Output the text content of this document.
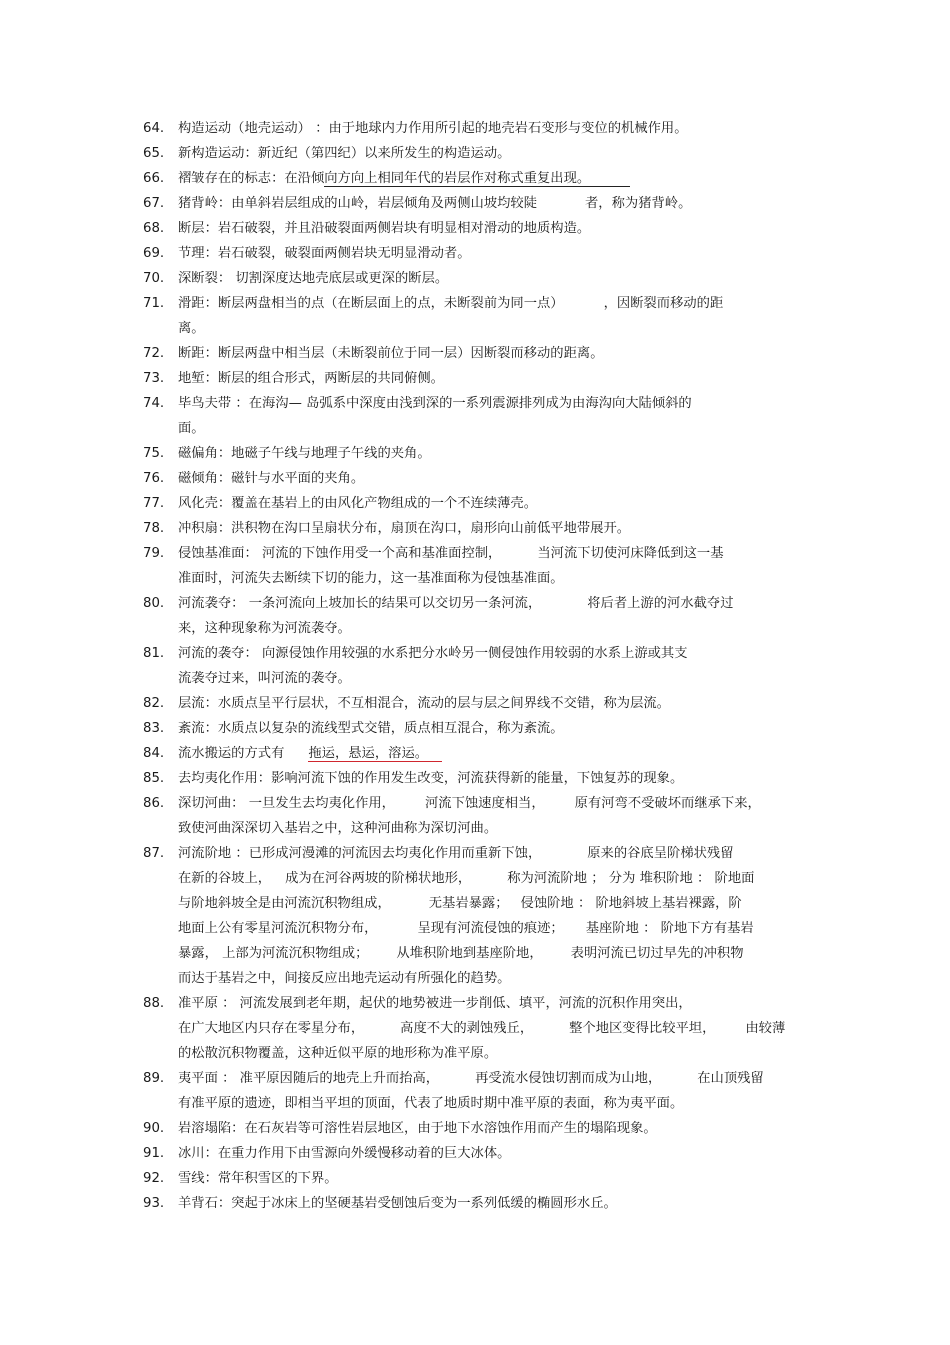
64.	构造运动（地壳运动） ：由于地球内力作用所引起的地壳岩石变形与变位的机械作用。
65.	新构造运动：新近纪（第四纪）以来所发生的构造运动。
66.	褶皱存在的标志：在沿倾向方向上相同年代的岩层作对称式重复出现。
67.	猪背岭：由单斜岩层组成的山岭，岩层倾角及两侧山坡均较陡	者，称为猪背岭。
68.	断层：岩石破裂，并且沿破裂面两侧岩块有明显相对滑动的地质构造。
69.	节理：岩石破裂，破裂面两侧岩块无明显滑动者。
70.	深断裂： 切割深度达地壳底层或更深的断层。
71.	滑距：断层两盘相当的点（在断层面上的点，未断裂前为同一点）	，因断裂而移动的距
离。
72.	断距：断层两盘中相当层（未断裂前位于同一层）因断裂而移动的距离。
73.	地堑：断层的组合形式，两断层的共同俯侧。
74.	毕鸟夫带 ：在海沟— 岛弧系中深度由浅到深的一系列震源排列成为由海沟向大陆倾斜的
面。
75.	磁偏角：地磁子午线与地理子午线的夹角。
76.	磁倾角：磁针与水平面的夹角。
77.	风化壳：覆盖在基岩上的由风化产物组成的一个不连续薄壳。
78.	冲积扇：洪积物在沟口呈扇状分布，扇顶在沟口，扇形向山前低平地带展开。
79.	侵蚀基准面： 河流的下蚀作用受一个高和基准面控制，	当河流下切使河床降低到这一基
准面时，河流失去断续下切的能力，这一基准面称为侵蚀基准面。
80.	河流袭夺： 一条河流向上坡加长的结果可以交切另一条河流，	将后者上游的河水截夺过
来，这种现象称为河流袭夺。
81.	河流的袭夺： 向源侵蚀作用较强的水系把分水岭另一侧侵蚀作用较弱的水系上游或其支
流袭夺过来，叫河流的袭夺。
82.	层流：水质点呈平行层状，不互相混合，流动的层与层之间界线不交错，称为层流。
83.	紊流：水质点以复杂的流线型式交错，质点相互混合，称为紊流。
84.	流水搬运的方式有 拖运，悬运，溶运。
85.	去均夷化作用：影响河流下蚀的作用发生改变，河流获得新的能量，下蚀复苏的现象。
86.	深切河曲： 一旦发生去均夷化作用， 河流下蚀速度相当， 原有河弯不受破坏而继承下来，
致使河曲深深切入基岩之中，这种河曲称为深切河曲。
87.	河流阶地 ：已形成河漫滩的河流因去均夷化作用而重新下蚀，	原来的谷底呈阶梯状残留
在新的谷坡上， 成为在河谷两坡的阶梯状地形，	称为河流阶地 ； 分为 堆积阶地 ： 阶地面
与阶地斜坡全是由河流沉积物组成，	无基岩暴露； 侵蚀阶地 ： 阶地斜坡上基岩裸露，阶
地面上公有零星河流沉积物分布，	呈现有河流侵蚀的痕迹； 基座阶地 ： 阶地下方有基岩
暴露， 上部为河流沉积物组成； 从堆积阶地到基座阶地， 表明河流已切过早先的冲积物
而达于基岩之中，间接反应出地壳运动有所强化的趋势。
88.	准平原 ： 河流发展到老年期，起伏的地势被进一步削低、填平，河流的沉积作用突出，
在广大地区内只存在零星分布，	高度不大的剥蚀残丘，	整个地区变得比较平坦， 由较薄
的松散沉积物覆盖，这种近似平原的地形称为准平原。
89.	夷平面 ： 准平原因随后的地壳上升而抬高，	再受流水侵蚀切割而成为山地，	在山顶残留
有准平原的遗迹，即相当平坦的顶面，代表了地质时期中准平原的表面，称为夷平面。
90.	岩溶塌陷：在石灰岩等可溶性岩层地区，由于地下水溶蚀作用而产生的塌陷现象。
91.	冰川：在重力作用下由雪源向外缓慢移动着的巨大冰体。
92.	雪线：常年积雪区的下界。
93.	羊背石：突起于冰床上的坚硬基岩受刨蚀后变为一系列低缓的椭圆形水丘。
